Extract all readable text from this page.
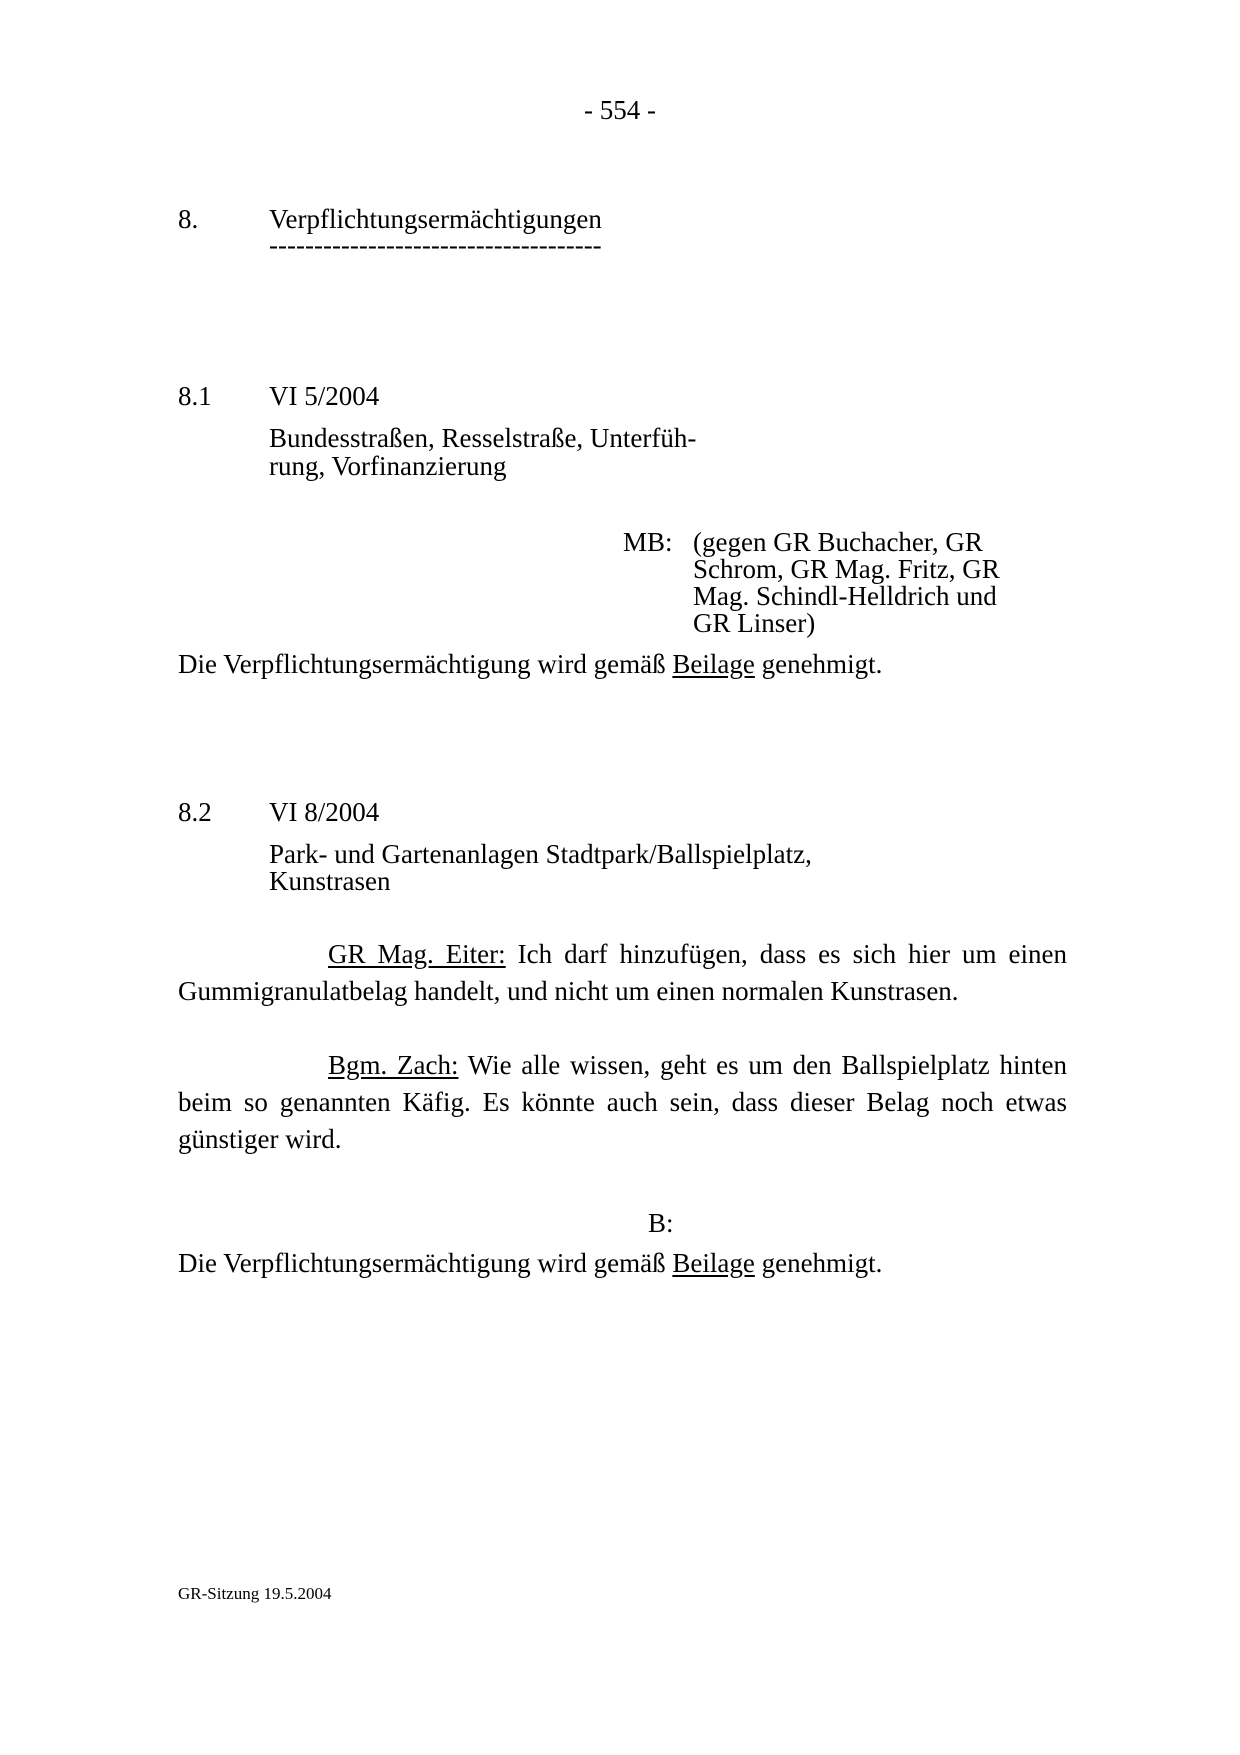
- 554 -
8.	Verpflichtungsermächtigungen
-------------------------------------
8.1 VI 5/2004
Bundesstraßen, Resselstraße, Unterfüh-
rung, Vorfinanzierung
MB: (gegen GR Buchacher, GR
Schrom, GR Mag. Fritz, GR
Mag. Schindl-Helldrich und
GR Linser)
Die Verpflichtungsermächtigung wird gemäß Beilage genehmigt.
8.2 VI 8/2004
Park- und Gartenanlagen Stadtpark/Ballspielplatz,
Kunstrasen
GR Mag. Eiter: Ich darf hinzufügen, dass es sich hier um einen Gummigranulatbelag handelt, und nicht um einen normalen Kunstrasen.
Bgm. Zach: Wie alle wissen, geht es um den Ballspielplatz hinten beim so genannten Käfig. Es könnte auch sein, dass dieser Belag noch etwas günstiger wird.
B:
Die Verpflichtungsermächtigung wird gemäß Beilage genehmigt.
GR-Sitzung 19.5.2004
